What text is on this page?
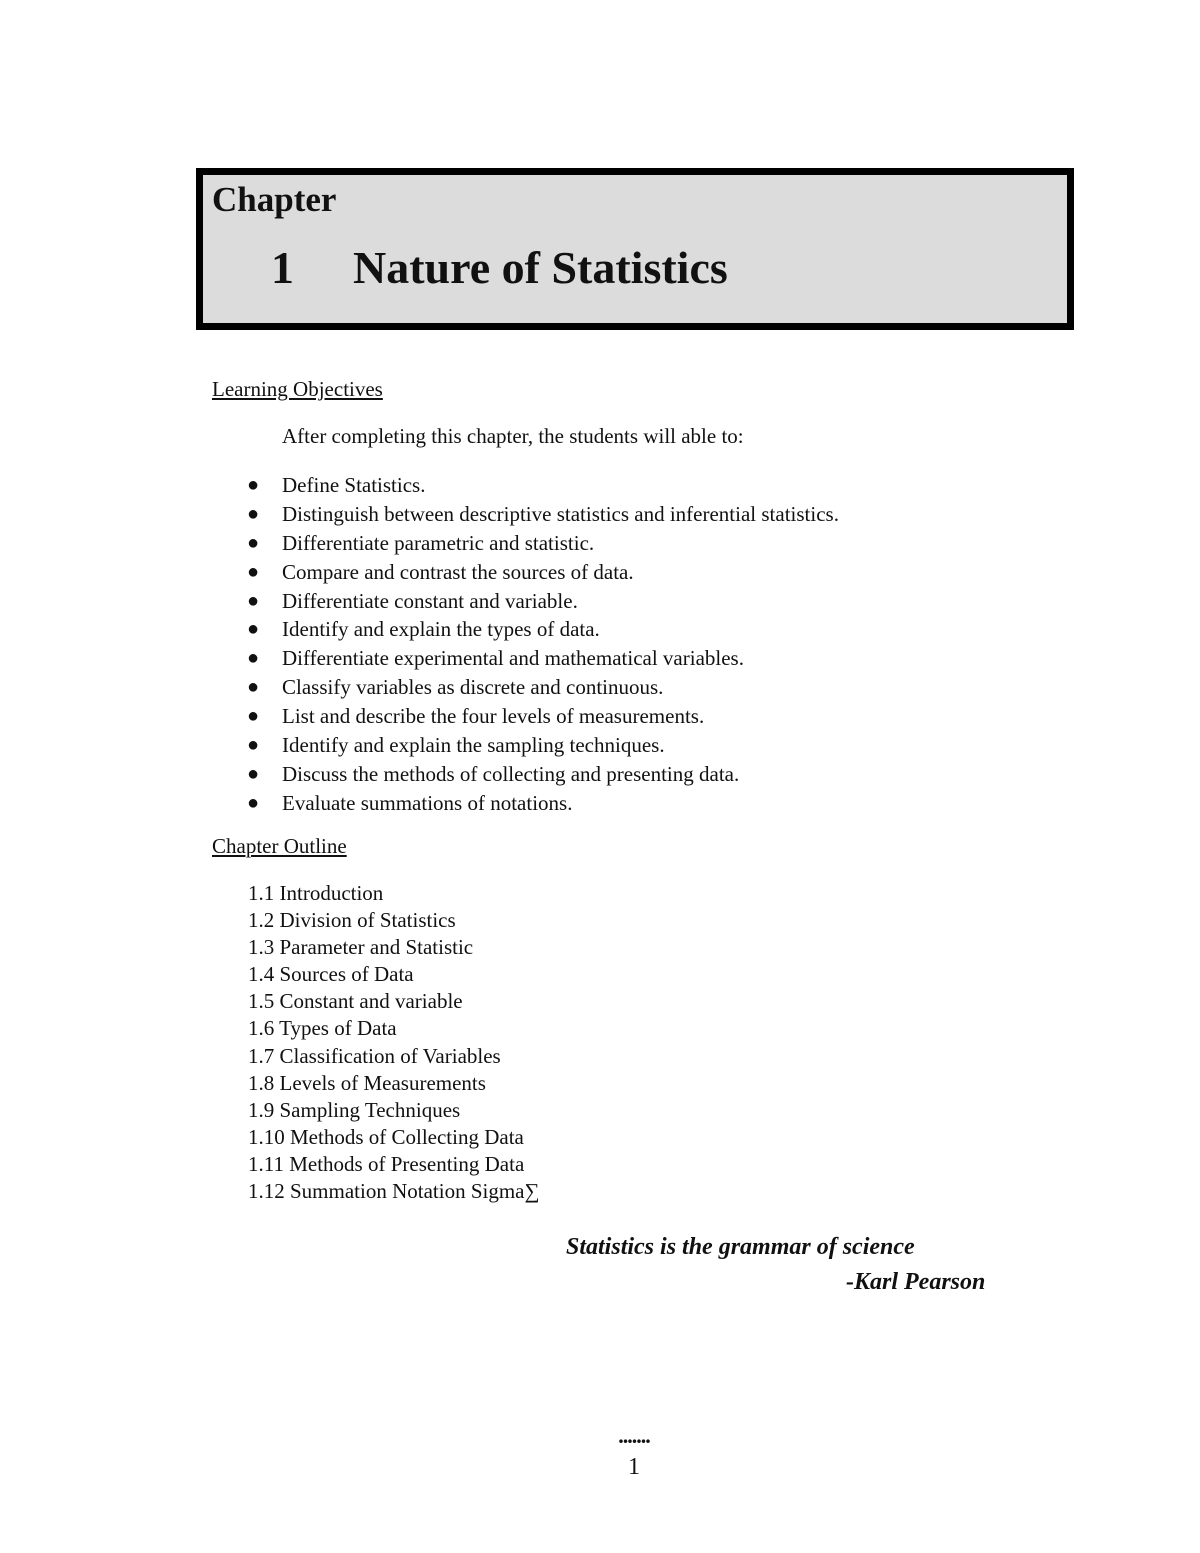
Chapter
1 Nature of Statistics
Learning Objectives
After completing this chapter, the students will able to:
● Define Statistics.
● Distinguish between descriptive statistics and inferential statistics.
● Differentiate parametric and statistic.
● Compare and contrast the sources of data.
● Differentiate constant and variable.
● Identify and explain the types of data.
● Differentiate experimental and mathematical variables.
● Classify variables as discrete and continuous.
● List and describe the four levels of measurements.
● Identify and explain the sampling techniques.
● Discuss the methods of collecting and presenting data.
● Evaluate summations of notations.
Chapter Outline
1.1 Introduction
1.2 Division of Statistics
1.3 Parameter and Statistic
1.4 Sources of Data
1.5 Constant and variable
1.6 Types of Data
1.7 Classification of Variables
1.8 Levels of Measurements
1.9 Sampling Techniques
1.10 Methods of Collecting Data
1.11 Methods of Presenting Data
1.12 Summation Notation Sigma∑
Statistics is the grammar of science
-Karl Pearson
.......
1
